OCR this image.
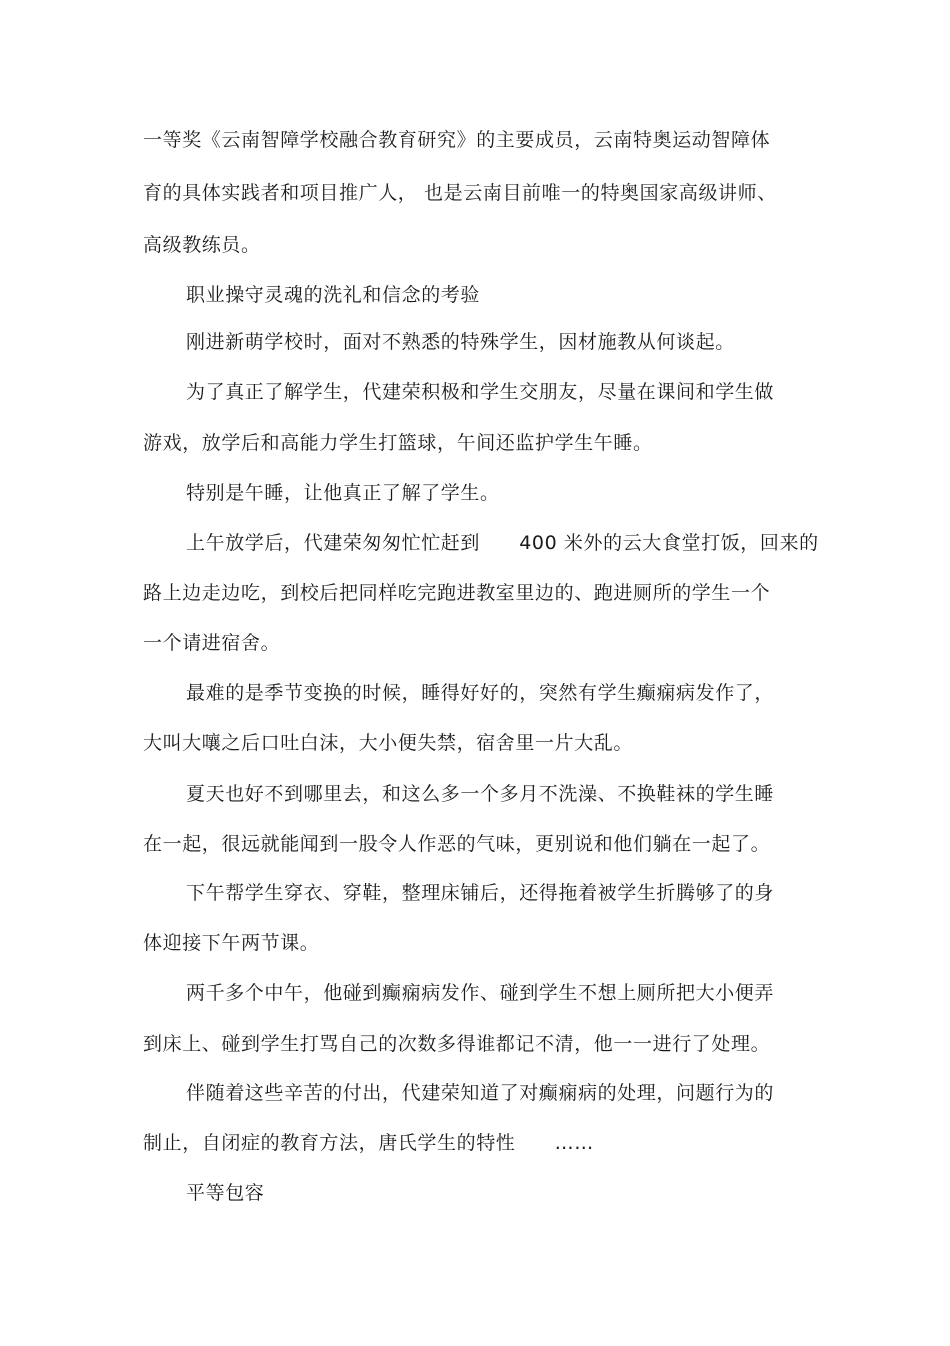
一等奖《云南智障学校融合教育研究》的主要成员，云南特奥运动智障体
育的具体实践者和项目推广人， 也是云南目前唯一的特奥国家高级讲师、
高级教练员。
职业操守灵魂的洗礼和信念的考验
刚进新萌学校时，面对不熟悉的特殊学生，因材施教从何谈起。
为了真正了解学生，代建荣积极和学生交朋友，尽量在课间和学生做
游戏，放学后和高能力学生打篮球，午间还监护学生午睡。
特别是午睡，让他真正了解了学生。
上午放学后，代建荣匆匆忙忙赶到　　400 米外的云大食堂打饭，回来的
路上边走边吃，到校后把同样吃完跑进教室里边的、跑进厕所的学生一个
一个请进宿舍。
最难的是季节变换的时候，睡得好好的，突然有学生癫痫病发作了，
大叫大嚷之后口吐白沫，大小便失禁，宿舍里一片大乱。
夏天也好不到哪里去，和这么多一个多月不洗澡、不换鞋袜的学生睡
在一起，很远就能闻到一股令人作恶的气味，更别说和他们躺在一起了。
下午帮学生穿衣、穿鞋，整理床铺后，还得拖着被学生折腾够了的身
体迎接下午两节课。
两千多个中午，他碰到癫痫病发作、碰到学生不想上厕所把大小便弄
到床上、碰到学生打骂自己的次数多得谁都记不清，他一一进行了处理。
伴随着这些辛苦的付出，代建荣知道了对癫痫病的处理，问题行为的
制止，自闭症的教育方法，唐氏学生的特性　　……
平等包容
